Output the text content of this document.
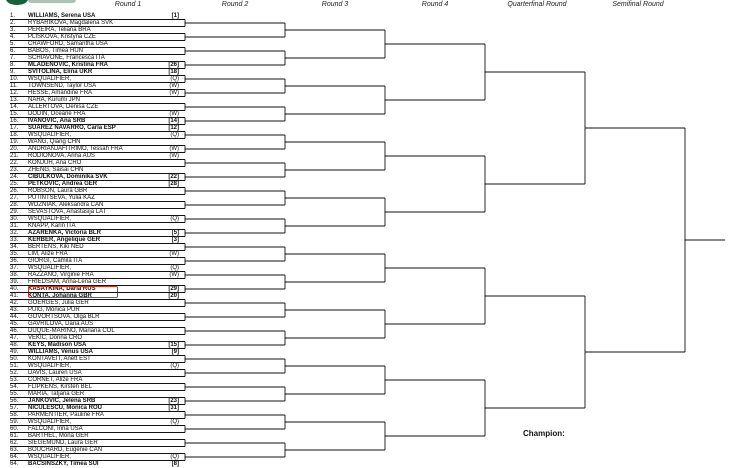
Round 1	Round 2	Round 3	Round 4	Quarterfinal Round	Semifinal Round
1.	WILLIAMS, Serena USA	[1]
2.	RYBARIKOVA, Magdalena SVK
3.	PEREIRA, Teliana BRA
4.	PLISKOVA, Kristyna CZE
5.	CRAWFORD, Samantha USA
6.	BABOS, Timea HUN
7.	SCHIAVONE, Francesca ITA
8.	MLADENOVIC, Kristina FRA	[26]
9.	SVITOLINA, Elina UKR	[18]
10.	WSQUALIFIER,	(Q)
11.	TOWNSEND, Taylor USA	(W)
12.	HESSE, Amandine FRA	(W)
13.	NARA, Kurumi JPN
14.	ALLERTOVA, Denisa CZE
15.	DODIN, Oceane FRA	(W)
16.	IVANOVIC, Ana SRB	[14]
17.	SUAREZ NAVARRO, Carla ESP	[12]
18.	WSQUALIFIER,	(Q)
19.	WANG, Qiang CHN
20.	ANDRIANJAFITRIMO, Tessah FRA	(W)
21.	RODIONOVA, Arina AUS	(W)
22.	KONJUH, Ana CRO
23.	ZHENG, Saisai CHN
24.	CIBULKOVA, Dominika SVK	[22]
25.	PETKOVIC, Andrea GER	[28]
26.	ROBSON, Laura GBR
27.	PUTINTSEVA, Yulia KAZ
28.	WOZNIAK, Aleksandra CAN
29.	SEVASTOVA, Anastasija LAT
30.	WSQUALIFIER,	(Q)
31.	KNAPP, Karin ITA
32.	AZARENKA, Victoria BLR	[5]
33.	KERBER, Angelique GER	[3]
34.	BERTENS, Kiki NED
35.	LIM, Alize FRA	(W)
36.	GIORGI, Camila ITA
37.	WSQUALIFIER,	(Q)
38.	RAZZANO, Virginie FRA	(W)
39.	FRIEDSAM, Anna-Lena GER
40.	KASATKINA, Daria RUS	[29]
41.	KONTA, Johanna GBR	[20]
42.	GOERGES, Julia GER
43.	PUIG, Monica PUR
44.	GOVORTSOVA, Olga BLR
45.	GAVRILOVA, Daria AUS
46.	DUQUE-MARINO, Mariana COL
47.	VEKIC, Donna CRO
48.	KEYS, Madison USA	[15]
49.	WILLIAMS, Venus USA	[9]
50.	KONTAVEIT, Anett EST
51.	WSQUALIFIER,	(Q)
52.	DAVIS, Lauren USA
53.	CORNET, Alize FRA
54.	FLIPKENS, Kirsten BEL
55.	MARIA, Tatjana GER
56.	JANKOVIC, Jelena SRB	[23]
57.	NICULESCU, Monica ROU	[31]
58.	PARMENTIER, Pauline FRA
59.	WSQUALIFIER,	(Q)
60.	FALCONI, Irina USA
61.	BARTHEL, Mona GER
62.	SIEGEMUND, Laura GER
63.	BOUCHARD, Eugenie CAN
64.	WSQUALIFIER,	(Q)
64.	BACSINSZKY, Timea SUI	[8]
Champion:
